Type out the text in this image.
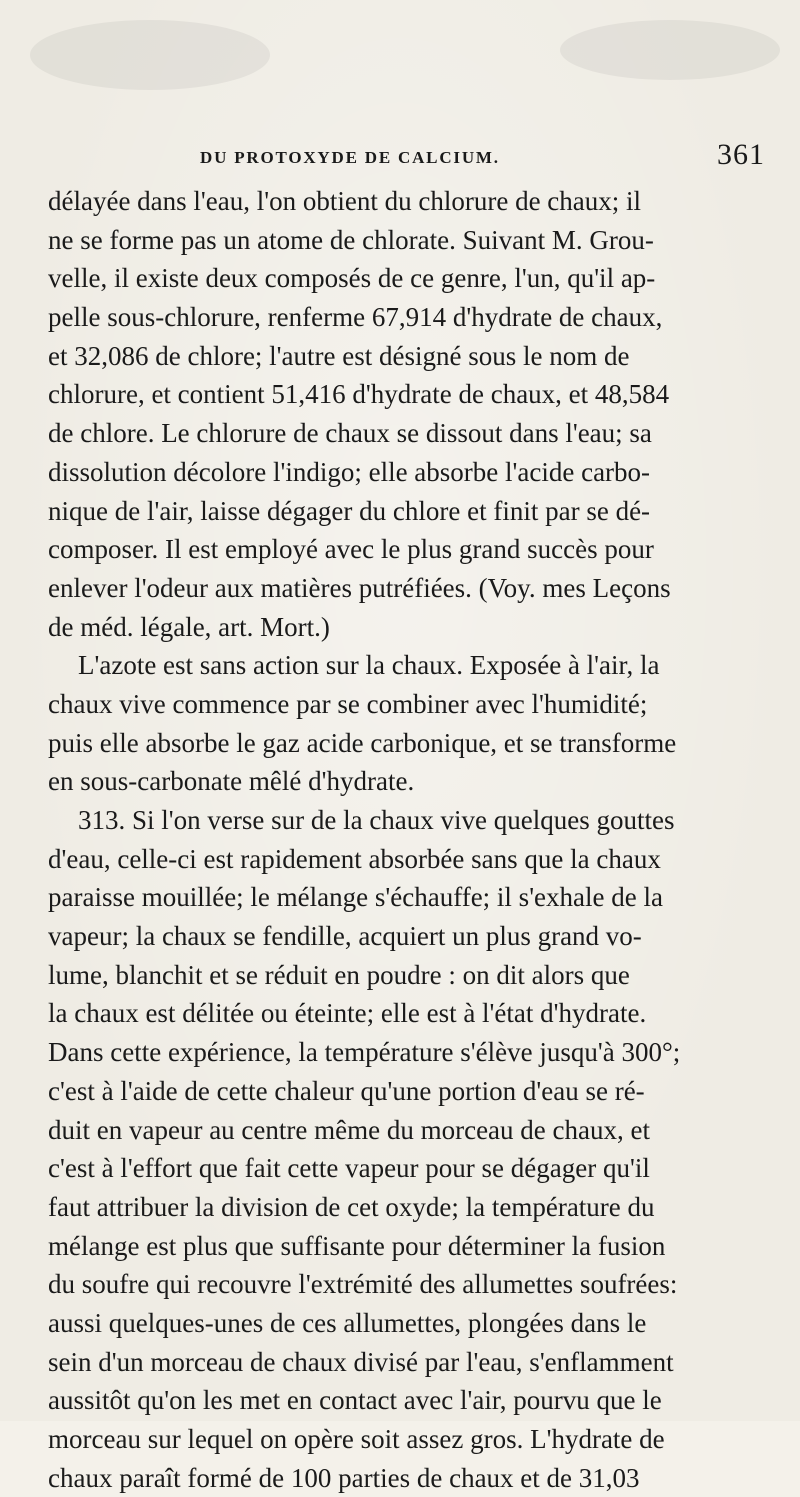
DU PROTOXYDE DE CALCIUM.	361
délayée dans l'eau, l'on obtient du chlorure de chaux; il
ne se forme pas un atome de chlorate. Suivant M. Grou-
velle, il existe deux composés de ce genre, l'un, qu'il ap-
pelle sous-chlorure, renferme 67,914 d'hydrate de chaux,
et 32,086 de chlore; l'autre est désigné sous le nom de
chlorure, et contient 51,416 d'hydrate de chaux, et 48,584
de chlore. Le chlorure de chaux se dissout dans l'eau; sa
dissolution décolore l'indigo; elle absorbe l'acide carbo-
nique de l'air, laisse dégager du chlore et finit par se dé-
composer. Il est employé avec le plus grand succès pour
enlever l'odeur aux matières putréfiées. (Voy. mes Leçons
de méd. légale, art. Mort.)
L'azote est sans action sur la chaux. Exposée à l'air, la
chaux vive commence par se combiner avec l'humidité;
puis elle absorbe le gaz acide carbonique, et se transforme
en sous-carbonate mêlé d'hydrate.
313. Si l'on verse sur de la chaux vive quelques gouttes
d'eau, celle-ci est rapidement absorbée sans que la chaux
paraisse mouillée; le mélange s'échauffe; il s'exhale de la
vapeur; la chaux se fendille, acquiert un plus grand vo-
lume, blanchit et se réduit en poudre : on dit alors que
la chaux est délitée ou éteinte; elle est à l'état d'hydrate.
Dans cette expérience, la température s'élève jusqu'à 300°;
c'est à l'aide de cette chaleur qu'une portion d'eau se ré-
duit en vapeur au centre même du morceau de chaux, et
c'est à l'effort que fait cette vapeur pour se dégager qu'il
faut attribuer la division de cet oxyde; la température du
mélange est plus que suffisante pour déterminer la fusion
du soufre qui recouvre l'extrémité des allumettes soufrées:
aussi quelques-unes de ces allumettes, plongées dans le
sein d'un morceau de chaux divisé par l'eau, s'enflamment
aussitôt qu'on les met en contact avec l'air, pourvu que le
morceau sur lequel on opère soit assez gros. L'hydrate de
chaux paraît formé de 100 parties de chaux et de 31,03
